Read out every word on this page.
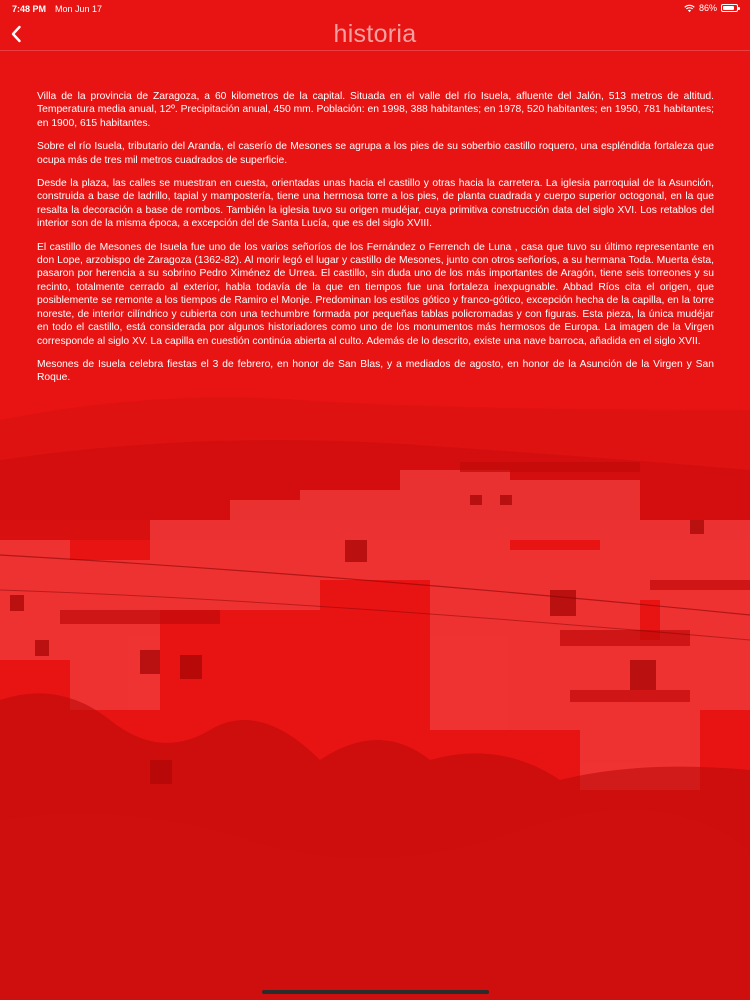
7:48 PM Mon Jun 17	86%
historia

Villa de la provincia de Zaragoza, a 60 kilometros de la capital. Situada en el valle del río Isuela, afluente del Jalón, 513 metros de altitud. Temperatura media anual, 12º. Precipitación anual, 450 mm. Población: en 1998, 388 habitantes; en 1978, 520 habitantes; en 1950, 781 habitantes; en 1900, 615 habitantes.

Sobre el río Isuela, tributario del Aranda, el caserío de Mesones se agrupa a los pies de su soberbio castillo roquero, una espléndida fortaleza que ocupa más de tres mil metros cuadrados de superficie.

Desde la plaza, las calles se muestran en cuesta, orientadas unas hacia el castillo y otras hacia la carretera. La iglesia parroquial de la Asunción, construida a base de ladrillo, tapial y mampostería, tiene una hermosa torre a los pies, de planta cuadrada y cuerpo superior octogonal, en la que resalta la decoración a base de rombos. También la iglesia tuvo su origen mudéjar, cuya primitiva construcción data del siglo XVI. Los retablos del interior son de la misma época, a excepción del de Santa Lucía, que es del siglo XVIII.

El castillo de Mesones de Isuela fue uno de los varios señoríos de los Fernández o Ferrench de Luna , casa que tuvo su último representante en don Lope, arzobispo de Zaragoza (1362-82). Al morir legó el lugar y castillo de Mesones, junto con otros señoríos, a su hermana Toda. Muerta ésta, pasaron por herencia a su sobrino Pedro Ximénez de Urrea. El castillo, sin duda uno de los más importantes de Aragón, tiene seis torreones y su recinto, totalmente cerrado al exterior, habla todavía de la que en tiempos fue una fortaleza inexpugnable. Abbad Ríos cita el origen, que posiblemente se remonte a los tiempos de Ramiro el Monje. Predominan los estilos gótico y franco-gótico, excepción hecha de la capilla, en la torre noreste, de interior cilíndrico y cubierta con una techumbre formada por pequeñas tablas policromadas y con figuras. Esta pieza, la única mudéjar en todo el castillo, está considerada por algunos historiadores como uno de los monumentos más hermosos de Europa. La imagen de la Virgen corresponde al siglo XV. La capilla en cuestión continúa abierta al culto. Además de lo descrito, existe una nave barroca, añadida en el siglo XVII.

Mesones de Isuela celebra fiestas el 3 de febrero, en honor de San Blas, y a mediados de agosto, en honor de la Asunción de la Virgen y San Roque.
